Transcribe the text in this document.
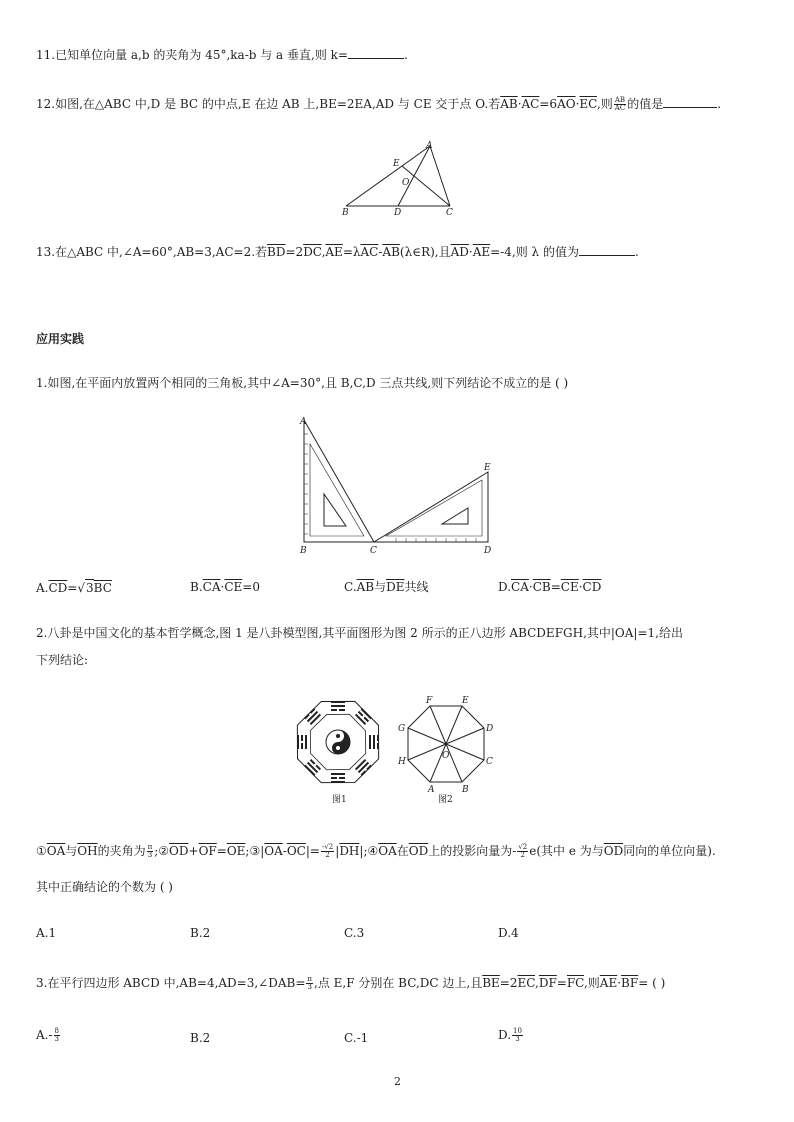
11.已知单位向量 a,b 的夹角为 45°,ka-b 与 a 垂直,则 k=	.
12.如图,在△ABC 中,D 是 BC 的中点,E 在边 AB 上,BE=2EA,AD 与 CE 交于点 O.若$\overline{AB}\cdot\overline{AC}=6\overline{AO}\cdot\overline{EC}$,则 $\frac{AB}{AC}$ 的值是	.
A
B	C
D
E
O
13.在△ABC 中,∠A=60°,AB=3,AC=2.若$\overline{BD}=2\overline{DC},\overline{AE}=\lambda\overline{AC}-\overline{AB}(\lambda\in R)$,且$\overline{AD}\cdot\overline{AE}=-4$,则 λ 的值为	.
应用实践
1.如图,在平面内放置两个相同的三角板,其中∠A=30°,且 B,C,D 三点共线,则下列结论不成立的是 ( )
A
B	C	D
E
$A.\overline{CD}=√3\overline{BC}$	$B.\overline{CA}\cdot\overline{CE}=0$	$C.\overline{AB}$与$\overline{DE}$共线	$D.\overline{CA}\cdot\overline{CB}=\overline{CE}\cdot\overline{CD}$
2.八卦是中国文化的基本哲学概念,图 1 是八卦模型图,其平面图形为图 2 所示的正八边形 ABCDEFGH,其中|OA|=1,给出
下列结论:
图1
F	E
G	D
H	C
A	B
O
图2
$①\overline{OA}$与$\overline{OH}$的夹角为 $\frac{\pi}{3}$ $;②\overline{OD}+\overline{OF}=\overline{OE};③|\overline{OA}-\overline{OC}|= \frac{-√2}{2}$ $|\overline{DH}|;④\overline{OA}$在$\overline{OD}$上的投影向量为- $\frac{√2}{2} e$(其中 e 为与$\overline{OD}$同向的单位向量).
其中正确结论的个数为 ( )
A.1	B.2	C.3	D.4
3.在平行四边形 ABCD 中,AB=4,AD=3,∠DAB= $\frac{\pi}{3}$ ,点 E,F 分别在 BC,DC 边上,且$\overline{BE}=2\overline{EC},\overline{DF}=\overline{FC}$,则$\overline{AE}\cdot\overline{BF}=$ ( )
$A.- \frac{8}{3}$	B.2	C.-1	D. $\frac{10}{3}$
2
